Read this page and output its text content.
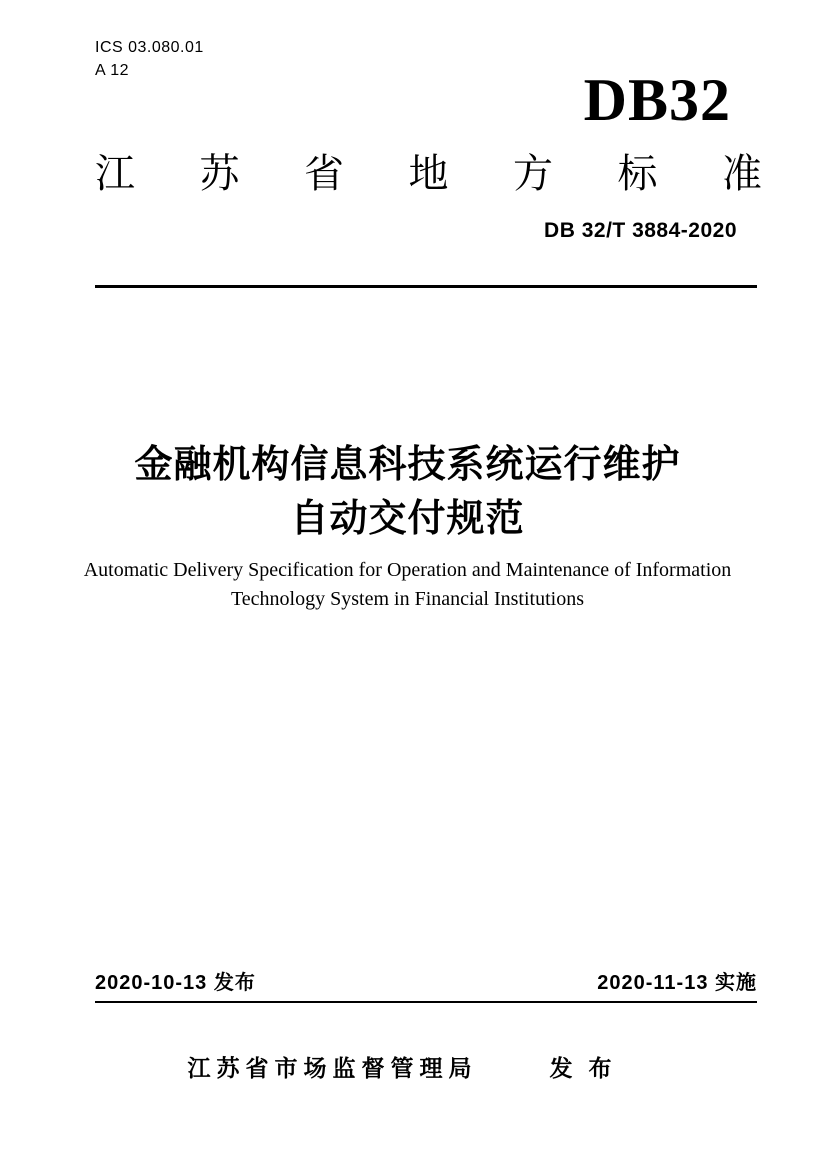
ICS 03.080.01
A 12	DB32
江 苏 省 地 方 标 准
DB 32/T 3884-2020
金融机构信息科技系统运行维护
自动交付规范
Automatic Delivery Specification for Operation and Maintenance of Information
Technology System in Financial Institutions
2020-10-13 发布	2020-11-13 实施
江苏省市场监督管理局	发布
